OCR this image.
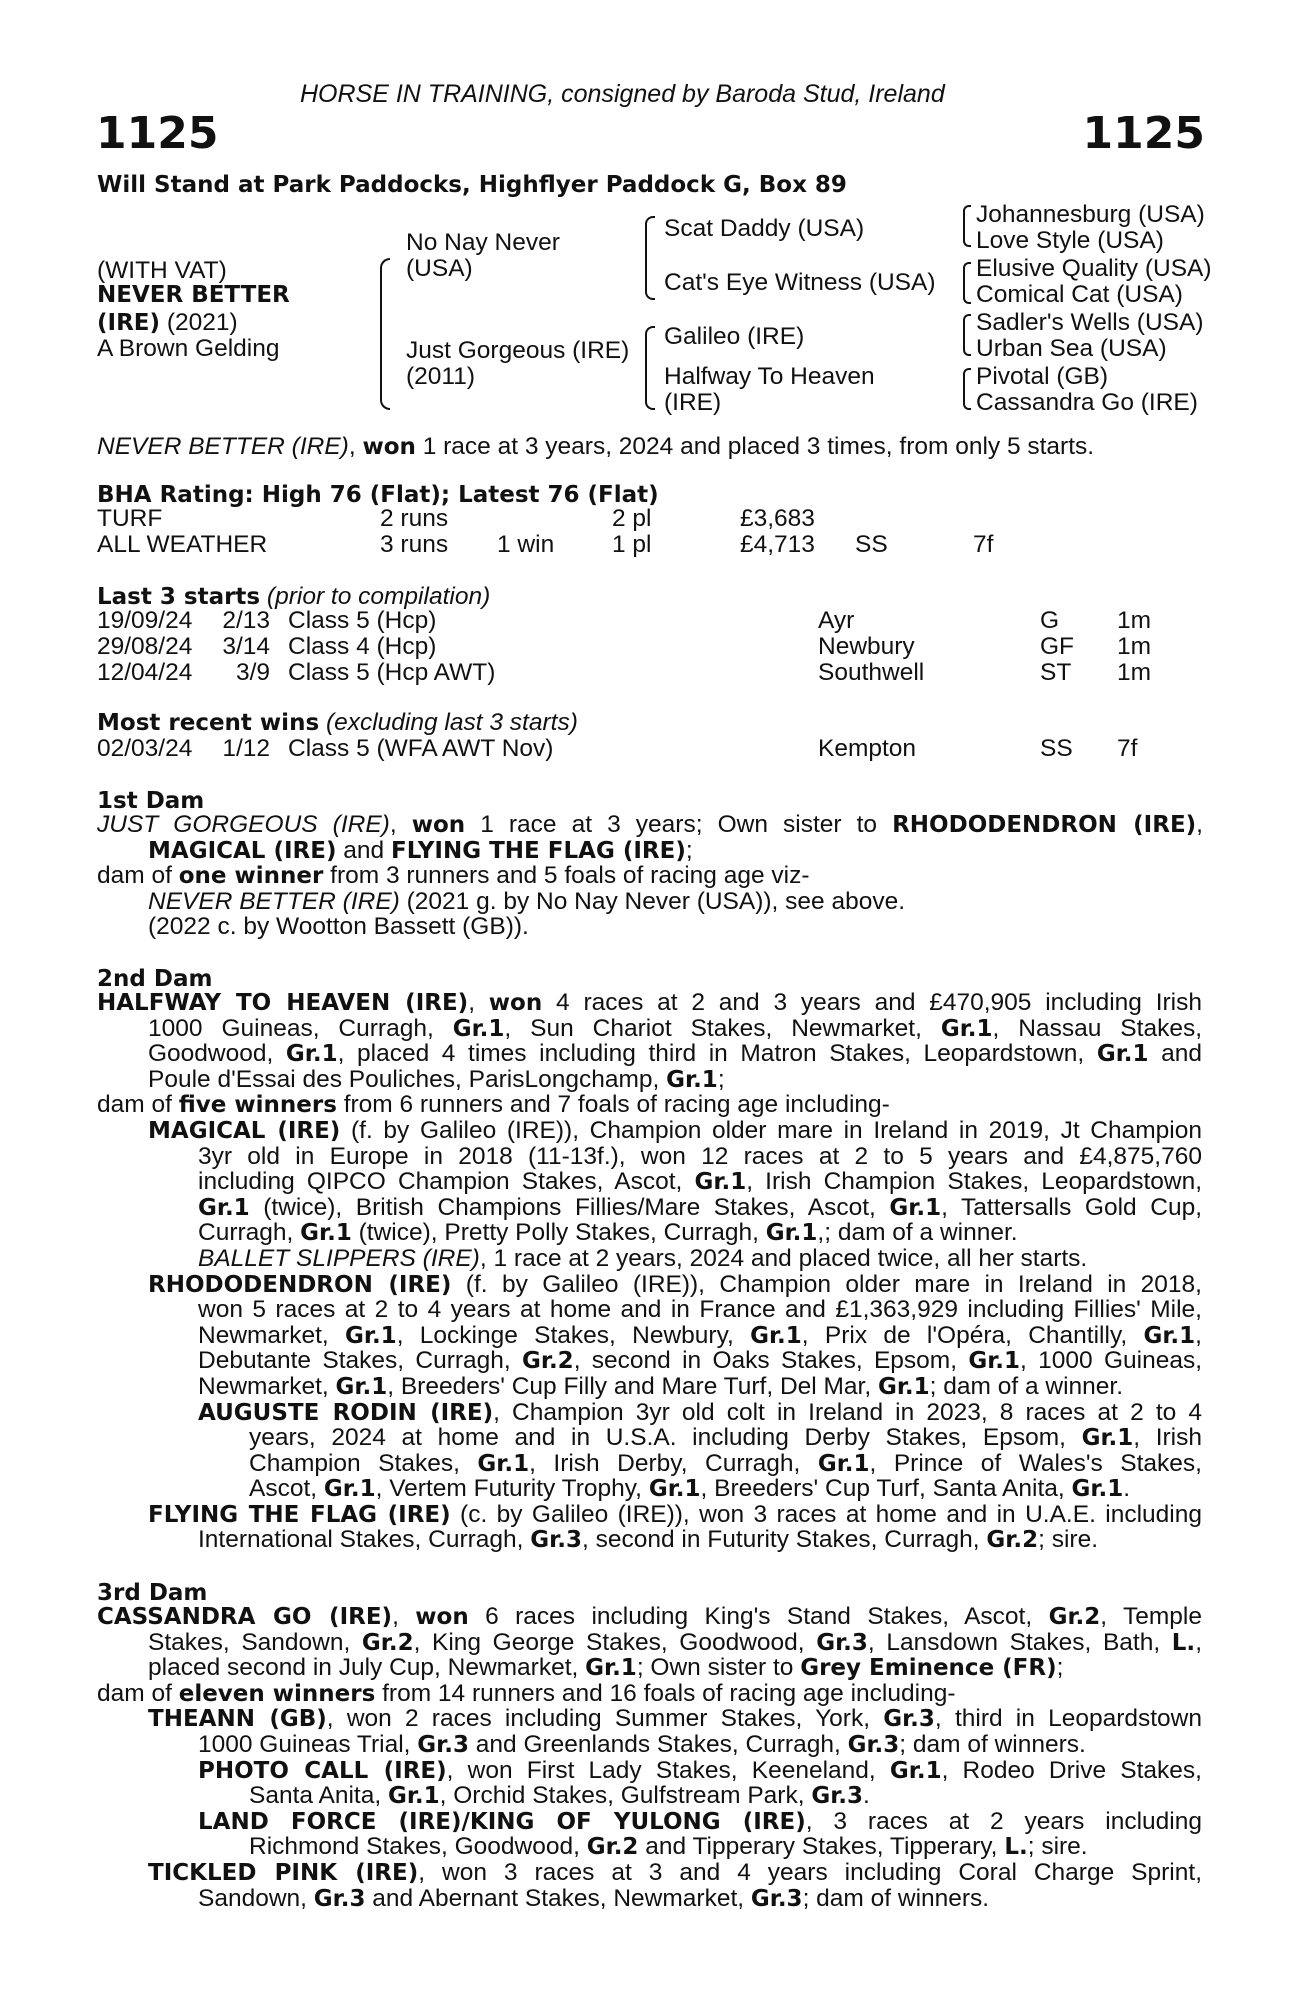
HORSE IN TRAINING, consigned by Baroda Stud, Ireland
1125	1125
Will Stand at Park Paddocks, Highflyer Paddock G, Box 89
(WITH VAT)
NEVER BETTER
(IRE) (2021)
A Brown Gelding
No Nay Never
(USA)
Just Gorgeous (IRE)
(2011)
Scat Daddy (USA)
Cat's Eye Witness (USA)
Galileo (IRE)
Halfway To Heaven
(IRE)
Johannesburg (USA)
Love Style (USA)
Elusive Quality (USA)
Comical Cat (USA)
Sadler's Wells (USA)
Urban Sea (USA)
Pivotal (GB)
Cassandra Go (IRE)
NEVER BETTER (IRE), won 1 race at 3 years, 2024 and placed 3 times, from only 5 starts.
BHA Rating: High 76 (Flat); Latest 76 (Flat)
TURF	2 runs	2 pl	£3,683
ALL WEATHER	3 runs 1 win 1 pl	£4,713 SS	7f
Last 3 starts (prior to compilation)
19/09/24	2/13 Class 5 (Hcp)	Ayr	G 1m
29/08/24	3/14 Class 4 (Hcp)	Newbury	GF 1m
12/04/24	3/9 Class 5 (Hcp AWT)	Southwell	ST 1m
Most recent wins (excluding last 3 starts)
02/03/24	1/12 Class 5 (WFA AWT Nov)	Kempton	SS 7f
1st Dam
JUST GORGEOUS (IRE), won 1 race at 3 years; Own sister to RHODODENDRON (IRE),
MAGICAL (IRE) and FLYING THE FLAG (IRE);
dam of one winner from 3 runners and 5 foals of racing age viz-
NEVER BETTER (IRE) (2021 g. by No Nay Never (USA)), see above.
(2022 c. by Wootton Bassett (GB)).
2nd Dam
HALFWAY TO HEAVEN (IRE), won 4 races at 2 and 3 years and £470,905 including Irish
1000 Guineas, Curragh, Gr.1, Sun Chariot Stakes, Newmarket, Gr.1, Nassau Stakes,
Goodwood, Gr.1, placed 4 times including third in Matron Stakes, Leopardstown, Gr.1 and
Poule d'Essai des Pouliches, ParisLongchamp, Gr.1;
dam of five winners from 6 runners and 7 foals of racing age including-
MAGICAL (IRE) (f. by Galileo (IRE)), Champion older mare in Ireland in 2019, Jt Champion
3yr old in Europe in 2018 (11-13f.), won 12 races at 2 to 5 years and £4,875,760
including QIPCO Champion Stakes, Ascot, Gr.1, Irish Champion Stakes, Leopardstown,
Gr.1 (twice), British Champions Fillies/Mare Stakes, Ascot, Gr.1, Tattersalls Gold Cup,
Curragh, Gr.1 (twice), Pretty Polly Stakes, Curragh, Gr.1,; dam of a winner.
BALLET SLIPPERS (IRE), 1 race at 2 years, 2024 and placed twice, all her starts.
RHODODENDRON (IRE) (f. by Galileo (IRE)), Champion older mare in Ireland in 2018,
won 5 races at 2 to 4 years at home and in France and £1,363,929 including Fillies' Mile,
Newmarket, Gr.1, Lockinge Stakes, Newbury, Gr.1, Prix de l'Opéra, Chantilly, Gr.1,
Debutante Stakes, Curragh, Gr.2, second in Oaks Stakes, Epsom, Gr.1, 1000 Guineas,
Newmarket, Gr.1, Breeders' Cup Filly and Mare Turf, Del Mar, Gr.1; dam of a winner.
AUGUSTE RODIN (IRE), Champion 3yr old colt in Ireland in 2023, 8 races at 2 to 4
years, 2024 at home and in U.S.A. including Derby Stakes, Epsom, Gr.1, Irish
Champion Stakes, Gr.1, Irish Derby, Curragh, Gr.1, Prince of Wales's Stakes,
Ascot, Gr.1, Vertem Futurity Trophy, Gr.1, Breeders' Cup Turf, Santa Anita, Gr.1.
FLYING THE FLAG (IRE) (c. by Galileo (IRE)), won 3 races at home and in U.A.E. including
International Stakes, Curragh, Gr.3, second in Futurity Stakes, Curragh, Gr.2; sire.
3rd Dam
CASSANDRA GO (IRE), won 6 races including King's Stand Stakes, Ascot, Gr.2, Temple
Stakes, Sandown, Gr.2, King George Stakes, Goodwood, Gr.3, Lansdown Stakes, Bath, L.,
placed second in July Cup, Newmarket, Gr.1; Own sister to Grey Eminence (FR);
dam of eleven winners from 14 runners and 16 foals of racing age including-
THEANN (GB), won 2 races including Summer Stakes, York, Gr.3, third in Leopardstown
1000 Guineas Trial, Gr.3 and Greenlands Stakes, Curragh, Gr.3; dam of winners.
PHOTO CALL (IRE), won First Lady Stakes, Keeneland, Gr.1, Rodeo Drive Stakes,
Santa Anita, Gr.1, Orchid Stakes, Gulfstream Park, Gr.3.
LAND FORCE (IRE)/KING OF YULONG (IRE), 3 races at 2 years including
Richmond Stakes, Goodwood, Gr.2 and Tipperary Stakes, Tipperary, L.; sire.
TICKLED PINK (IRE), won 3 races at 3 and 4 years including Coral Charge Sprint,
Sandown, Gr.3 and Abernant Stakes, Newmarket, Gr.3; dam of winners.
